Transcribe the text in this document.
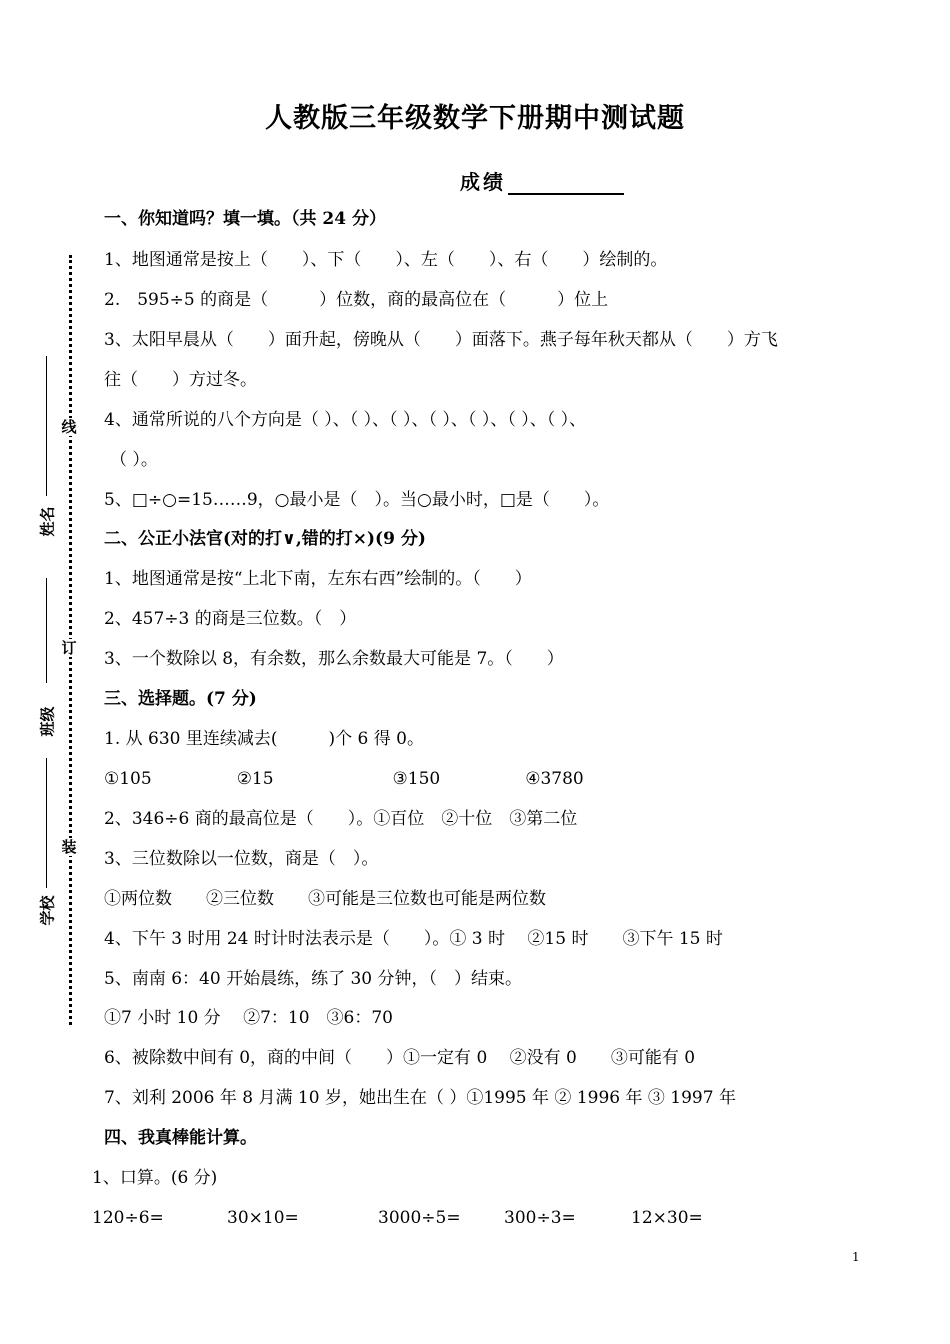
人教版三年级数学下册期中测试题
成绩
线
订
装
姓名
班级
学校
一、你知道吗？填一填。（共 24 分）
1、地图通常是按上（　　）、下（　　）、左（　　）、右（　　）绘制的。
2.　595÷5 的商是（　　　）位数，商的最高位在（　　　）位上
3、太阳早晨从（　　）面升起，傍晚从（　　）面落下。燕子每年秋天都从（　　）方飞
往（　　）方过冬。
4、通常所说的八个方向是（ ）、（ ）、（ ）、（ ）、（ ）、（ ）、（ ）、
（ ）。
5、□÷○=15……9，○最小是（　）。当○最小时，□是（　　）。
二、公正小法官(对的打∨,错的打×)(9 分)
1、地图通常是按“上北下南，左东右西”绘制的。（　　）
2、457÷3 的商是三位数。（　）
3、一个数除以 8，有余数，那么余数最大可能是 7。（　　）
三、选择题。(7 分)
1. 从 630 里连续减去(　　　)个 6 得 0。
①105　　　　　②15　　　　　　　③150　　　　　④3780
2、346÷6 商的最高位是（　　）。①百位　②十位　③第二位
3、三位数除以一位数，商是（　）。
①两位数　　②三位数　　③可能是三位数也可能是两位数
4、下午 3 时用 24 时计时法表示是（　　）。① 3 时　 ②15 时　　③下午 15 时
5、南南 6：40 开始晨练，练了 30 分钟，（　）结束。
①7 小时 10 分　 ②7：10　③6：70
6、被除数中间有 0，商的中间（　　）①一定有 0　 ②没有 0　　③可能有 0
7、刘利 2006 年 8 月满 10 岁，她出生在（ ）①1995 年 ② 1996 年 ③ 1997 年
四、我真棒能计算。
1、口算。(6 分)
120÷6=	30×10=	3000÷5=	300÷3=	12×30=
1
